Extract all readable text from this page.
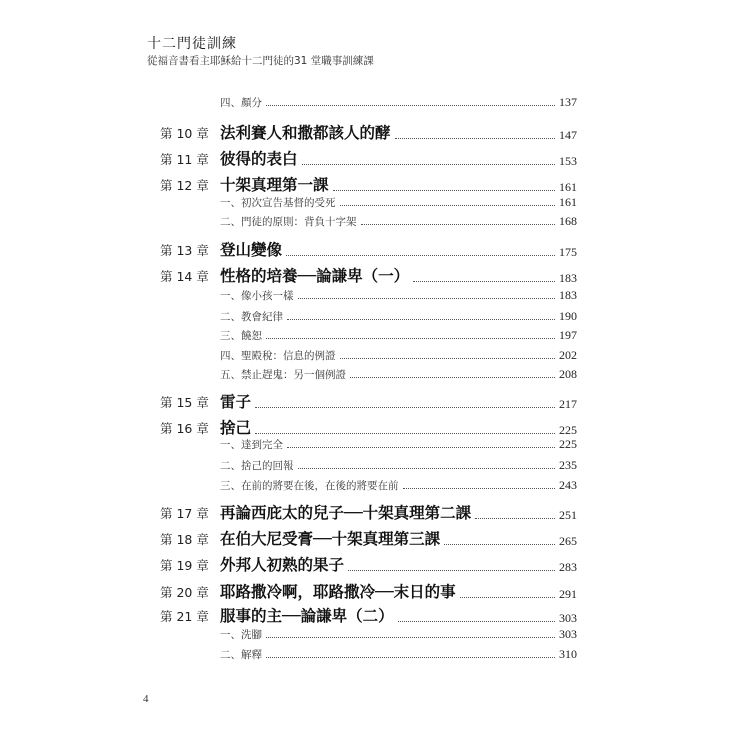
十二門徒訓練
從福音書看主耶穌給十二門徒的31 堂職事訓練課
四、顏分	137
第 10 章 法利賽人和撒都該人的酵	147
第 11 章 彼得的表白	153
第 12 章 十架真理第一課	161
一、初次宣告基督的受死	161
二、門徒的原則：背負十字架	168
第 13 章 登山變像	175
第 14 章 性格的培養──論謙卑（一）	183
一、像小孩一樣	183
二、教會紀律	190
三、饒恕	197
四、聖殿稅：信息的例證	202
五、禁止趕鬼：另一個例證	208
第 15 章 雷子	217
第 16 章 捨己	225
一、達到完全	225
二、捨己的回報	235
三、在前的將要在後，在後的將要在前	243
第 17 章 再論西庇太的兒子──十架真理第二課	251
第 18 章 在伯大尼受膏──十架真理第三課	265
第 19 章 外邦人初熟的果子	283
第 20 章 耶路撒冷啊，耶路撒冷──末日的事	291
第 21 章 服事的主──論謙卑（二）	303
一、洗腳	303
二、解釋	310
4
